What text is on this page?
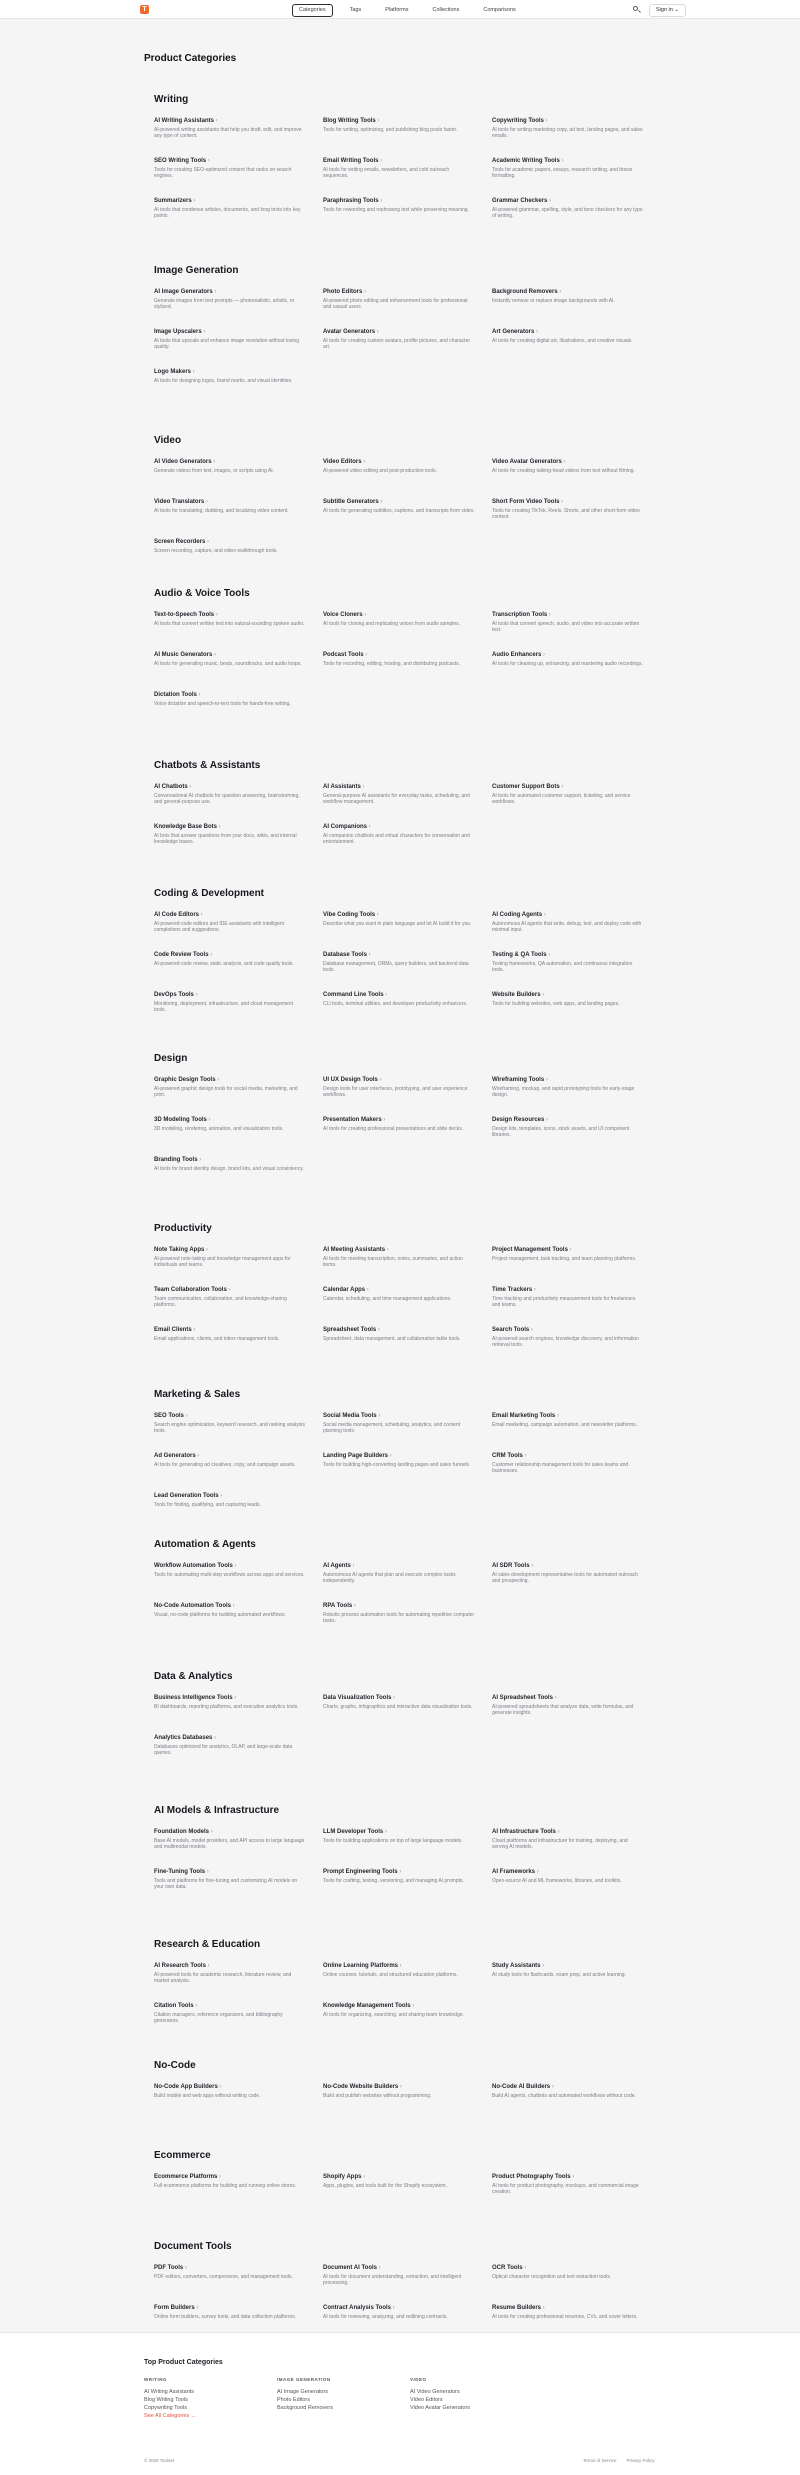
T	Categories	Tags	Platforms	Collections	Comparisons	Sign in ⌄
Product Categories
Writing
AI Writing Assistants ›
AI-powered writing assistants that help you draft, edit, and improve any type of content.
Blog Writing Tools ›
Tools for writing, optimizing, and publishing blog posts faster.
Copywriting Tools ›
AI tools for writing marketing copy, ad text, landing pages, and sales emails.
SEO Writing Tools ›
Tools for creating SEO-optimized content that ranks on search engines.
Email Writing Tools ›
AI tools for writing emails, newsletters, and cold outreach sequences.
Academic Writing Tools ›
Tools for academic papers, essays, research writing, and thesis formatting.
Summarizers ›
AI tools that condense articles, documents, and long texts into key points.
Paraphrasing Tools ›
Tools for rewording and rephrasing text while preserving meaning.
Grammar Checkers ›
AI-powered grammar, spelling, style, and tone checkers for any type of writing.
Image Generation
AI Image Generators ›
Generate images from text prompts — photorealistic, artistic, or stylized.
Photo Editors ›
AI-powered photo editing and enhancement tools for professional and casual users.
Background Removers ›
Instantly remove or replace image backgrounds with AI.
Image Upscalers ›
AI tools that upscale and enhance image resolution without losing quality.
Avatar Generators ›
AI tools for creating custom avatars, profile pictures, and character art.
Art Generators ›
AI tools for creating digital art, illustrations, and creative visuals.
Logo Makers ›
AI tools for designing logos, brand marks, and visual identities.
Video
AI Video Generators ›
Generate videos from text, images, or scripts using AI.
Video Editors ›
AI-powered video editing and post-production tools.
Video Avatar Generators ›
AI tools for creating talking-head videos from text without filming.
Video Translators ›
AI tools for translating, dubbing, and localizing video content.
Subtitle Generators ›
AI tools for generating subtitles, captions, and transcripts from video.
Short Form Video Tools ›
Tools for creating TikTok, Reels, Shorts, and other short-form video content.
Screen Recorders ›
Screen recording, capture, and video walkthrough tools.
Audio & Voice Tools
Text-to-Speech Tools ›
AI tools that convert written text into natural-sounding spoken audio.
Voice Cloners ›
AI tools for cloning and replicating voices from audio samples.
Transcription Tools ›
AI tools that convert speech, audio, and video into accurate written text.
AI Music Generators ›
AI tools for generating music, beats, soundtracks, and audio loops.
Podcast Tools ›
Tools for recording, editing, hosting, and distributing podcasts.
Audio Enhancers ›
AI tools for cleaning up, enhancing, and mastering audio recordings.
Dictation Tools ›
Voice dictation and speech-to-text tools for hands-free writing.
Chatbots & Assistants
AI Chatbots ›
Conversational AI chatbots for question answering, brainstorming, and general-purpose use.
AI Assistants ›
General-purpose AI assistants for everyday tasks, scheduling, and workflow management.
Customer Support Bots ›
AI tools for automated customer support, ticketing, and service workflows.
Knowledge Base Bots ›
AI bots that answer questions from your docs, wikis, and internal knowledge bases.
AI Companions ›
AI companion chatbots and virtual characters for conversation and entertainment.
Coding & Development
AI Code Editors ›
AI-powered code editors and IDE assistants with intelligent completions and suggestions.
Vibe Coding Tools ›
Describe what you want in plain language and let AI build it for you.
AI Coding Agents ›
Autonomous AI agents that write, debug, test, and deploy code with minimal input.
Code Review Tools ›
AI-powered code review, static analysis, and code quality tools.
Database Tools ›
Database management, ORMs, query builders, and backend data tools.
Testing & QA Tools ›
Testing frameworks, QA automation, and continuous integration tools.
DevOps Tools ›
Monitoring, deployment, infrastructure, and cloud management tools.
Command Line Tools ›
CLI tools, terminal utilities, and developer productivity enhancers.
Website Builders ›
Tools for building websites, web apps, and landing pages.
Design
Graphic Design Tools ›
AI-powered graphic design tools for social media, marketing, and print.
UI UX Design Tools ›
Design tools for user interfaces, prototyping, and user experience workflows.
Wireframing Tools ›
Wireframing, mockup, and rapid prototyping tools for early-stage design.
3D Modeling Tools ›
3D modeling, rendering, animation, and visualization tools.
Presentation Makers ›
AI tools for creating professional presentations and slide decks.
Design Resources ›
Design kits, templates, icons, stock assets, and UI component libraries.
Branding Tools ›
AI tools for brand identity design, brand kits, and visual consistency.
Productivity
Note Taking Apps ›
AI-powered note-taking and knowledge management apps for individuals and teams.
AI Meeting Assistants ›
AI tools for meeting transcription, notes, summaries, and action items.
Project Management Tools ›
Project management, task tracking, and team planning platforms.
Team Collaboration Tools ›
Team communication, collaboration, and knowledge-sharing platforms.
Calendar Apps ›
Calendar, scheduling, and time management applications.
Time Trackers ›
Time tracking and productivity measurement tools for freelancers and teams.
Email Clients ›
Email applications, clients, and inbox management tools.
Spreadsheet Tools ›
Spreadsheet, data management, and collaborative table tools.
Search Tools ›
AI-powered search engines, knowledge discovery, and information retrieval tools.
Marketing & Sales
SEO Tools ›
Search engine optimization, keyword research, and ranking analysis tools.
Social Media Tools ›
Social media management, scheduling, analytics, and content planning tools.
Email Marketing Tools ›
Email marketing, campaign automation, and newsletter platforms.
Ad Generators ›
AI tools for generating ad creatives, copy, and campaign assets.
Landing Page Builders ›
Tools for building high-converting landing pages and sales funnels.
CRM Tools ›
Customer relationship management tools for sales teams and businesses.
Lead Generation Tools ›
Tools for finding, qualifying, and capturing leads.
Automation & Agents
Workflow Automation Tools ›
Tools for automating multi-step workflows across apps and services.
AI Agents ›
Autonomous AI agents that plan and execute complex tasks independently.
AI SDR Tools ›
AI sales development representative tools for automated outreach and prospecting.
No-Code Automation Tools ›
Visual, no-code platforms for building automated workflows.
RPA Tools ›
Robotic process automation tools for automating repetitive computer tasks.
Data & Analytics
Business Intelligence Tools ›
BI dashboards, reporting platforms, and executive analytics tools.
Data Visualization Tools ›
Charts, graphs, infographics and interactive data visualization tools.
AI Spreadsheet Tools ›
AI-powered spreadsheets that analyze data, write formulas, and generate insights.
Analytics Databases ›
Databases optimized for analytics, OLAP, and large-scale data queries.
AI Models & Infrastructure
Foundation Models ›
Base AI models, model providers, and API access to large language and multimodal models.
LLM Developer Tools ›
Tools for building applications on top of large language models.
AI Infrastructure Tools ›
Cloud platforms and infrastructure for training, deploying, and serving AI models.
Fine-Tuning Tools ›
Tools and platforms for fine-tuning and customizing AI models on your own data.
Prompt Engineering Tools ›
Tools for crafting, testing, versioning, and managing AI prompts.
AI Frameworks ›
Open-source AI and ML frameworks, libraries, and toolkits.
Research & Education
AI Research Tools ›
AI-powered tools for academic research, literature review, and market analysis.
Online Learning Platforms ›
Online courses, tutorials, and structured education platforms.
Study Assistants ›
AI study tools for flashcards, exam prep, and active learning.
Citation Tools ›
Citation managers, reference organizers, and bibliography generators.
Knowledge Management Tools ›
AI tools for organizing, searching, and sharing team knowledge.
No-Code
No-Code App Builders ›
Build mobile and web apps without writing code.
No-Code Website Builders ›
Build and publish websites without programming.
No-Code AI Builders ›
Build AI agents, chatbots and automated workflows without code.
Ecommerce
Ecommerce Platforms ›
Full ecommerce platforms for building and running online stores.
Shopify Apps ›
Apps, plugins, and tools built for the Shopify ecosystem.
Product Photography Tools ›
AI tools for product photography, mockups, and commercial image creation.
Document Tools
PDF Tools ›
PDF editors, converters, compressors, and management tools.
Document AI Tools ›
AI tools for document understanding, extraction, and intelligent processing.
OCR Tools ›
Optical character recognition and text extraction tools.
Form Builders ›
Online form builders, survey tools, and data collection platforms.
Contract Analysis Tools ›
AI tools for reviewing, analyzing, and redlining contracts.
Resume Builders ›
AI tools for creating professional resumes, CVs, and cover letters.
Top Product Categories
© 2026 Toolset	Terms of Service Privacy Policy
WRITING
AI Writing Assistants
Blog Writing Tools
Copywriting Tools
See All Categories →
IMAGE GENERATION
AI Image Generators
Photo Editors
Background Removers
VIDEO
AI Video Generators
Video Editors
Video Avatar Generators
